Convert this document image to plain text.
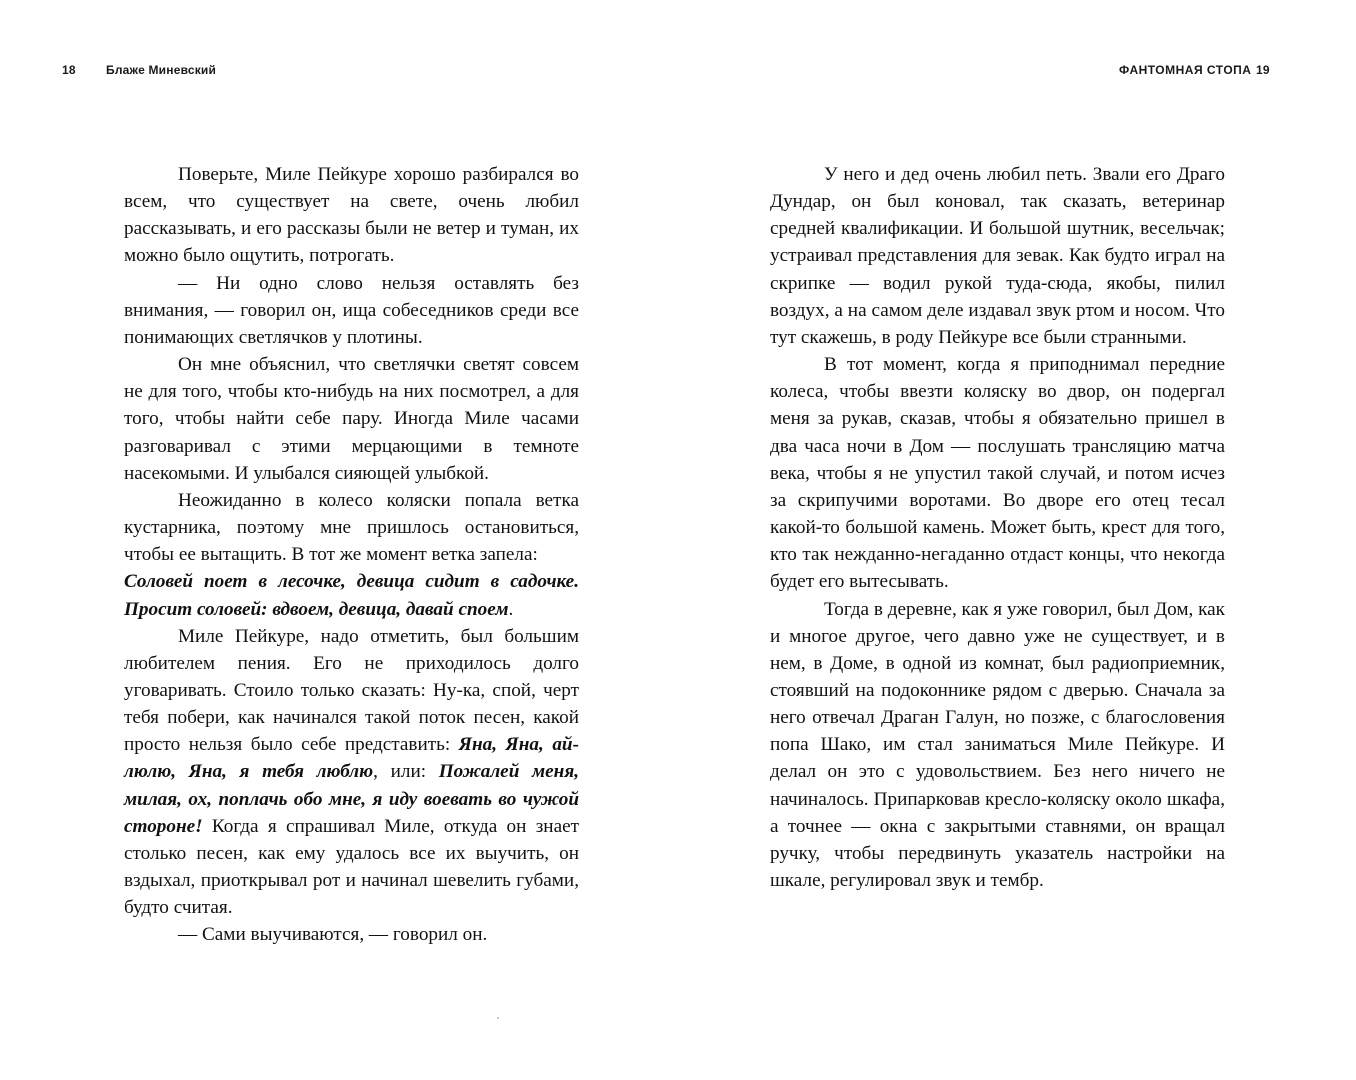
18	Блаже Миневский

Поверьте, Миле Пейкуре хорошо разбирался во всем, что существует на свете, очень любил рассказывать, и его рассказы были не ветер и туман, их можно было ощутить, потрогать.

— Ни одно слово нельзя оставлять без внимания, — говорил он, ища собеседников среди все понимающих светлячков у плотины.

Он мне объяснил, что светлячки светят совсем не для того, чтобы кто-нибудь на них посмотрел, а для того, чтобы найти себе пару. Иногда Миле часами разговаривал с этими мерцающими в темноте насекомыми. И улыбался сияющей улыбкой.

Неожиданно в колесо коляски попала ветка кустарника, поэтому мне пришлось остановиться, чтобы ее вытащить. В тот же момент ветка запела:

Соловей поет в лесочке, девица сидит в садочке. Просит соловей: вдвоем, девица, давай споем.

Миле Пейкуре, надо отметить, был большим любителем пения. Его не приходилось долго уговаривать. Стоило только сказать: Ну-ка, спой, черт тебя побери, как начинался такой поток песен, какой просто нельзя было себе представить: Яна, Яна, ай-люлю, Яна, я тебя люблю, или: Пожалей меня, милая, ох, поплачь обо мне, я иду воевать во чужой стороне! Когда я спрашивал Миле, откуда он знает столько песен, как ему удалось все их выучить, он вздыхал, приоткрывал рот и начинал шевелить губами, будто считая.

— Сами выучиваются, — говорил он.

ФАНТОМНАЯ СТОПА 19

У него и дед очень любил петь. Звали его Драго Дундар, он был коновал, так сказать, ветеринар средней квалификации. И большой шутник, весельчак; устраивал представления для зевак. Как будто играл на скрипке — водил рукой туда-сюда, якобы, пилил воздух, а на самом деле издавал звук ртом и носом. Что тут скажешь, в роду Пейкуре все были странными.

В тот момент, когда я приподнимал передние колеса, чтобы ввезти коляску во двор, он подергал меня за рукав, сказав, чтобы я обязательно пришел в два часа ночи в Дом — послушать трансляцию матча века, чтобы я не упустил такой случай, и потом исчез за скрипучими воротами. Во дворе его отец тесал какой-то большой камень. Может быть, крест для того, кто так нежданно-негаданно отдаст концы, что некогда будет его вытесывать.

Тогда в деревне, как я уже говорил, был Дом, как и многое другое, чего давно уже не существует, и в нем, в Доме, в одной из комнат, был радиоприемник, стоявший на подоконнике рядом с дверью. Сначала за него отвечал Драган Галун, но позже, с благословения попа Шако, им стал заниматься Миле Пейкуре. И делал он это с удовольствием. Без него ничего не начиналось. Припарковав кресло-коляску около шкафа, а точнее — окна с закрытыми ставнями, он вращал ручку, чтобы передвинуть указатель настройки на шкале, регулировал звук и тембр.
